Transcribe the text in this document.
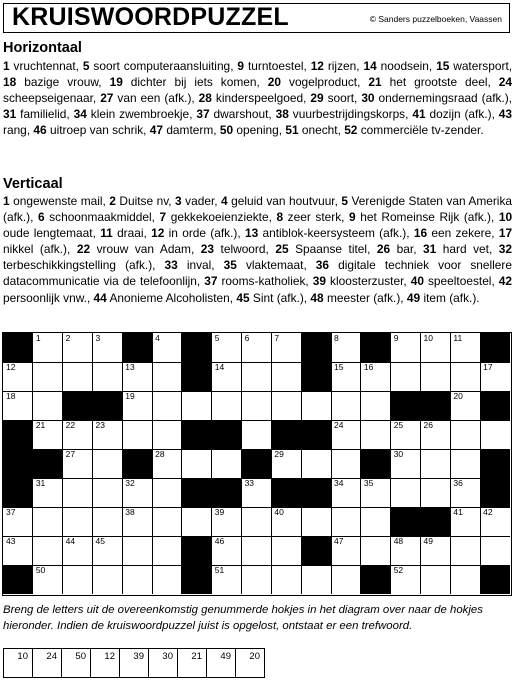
KRUISWOORDPUZZEL	© Sanders puzzelboeken, Vaassen
Horizontaal
1 vruchtennat, 5 soort computeraansluiting, 9 turntoestel, 12 rijzen, 14 noodsein, 15 watersport, 18 bazige vrouw, 19 dichter bij iets komen, 20 vogelproduct, 21 het grootste deel, 24 scheepseigenaar, 27 van een (afk.), 28 kinderspeelgoed, 29 soort, 30 ondernemingsraad (afk.), 31 familielid, 34 klein zwembroekje, 37 dwarshout, 38 vuurbestrijdingskorps, 41 dozijn (afk.), 43 rang, 46 uitroep van schrik, 47 damterm, 50 opening, 51 onecht, 52 commerciële tv-zender.
Verticaal
1 ongewenste mail, 2 Duitse nv, 3 vader, 4 geluid van houtvuur, 5 Verenigde Staten van Amerika (afk.), 6 schoonmaakmiddel, 7 gekkekoeienziekte, 8 zeer sterk, 9 het Romeinse Rijk (afk.), 10 oude lengtemaat, 11 draai, 12 in orde (afk.), 13 antiblok-keersysteem (afk.), 16 een zekere, 17 nikkel (afk.), 22 vrouw van Adam, 23 telwoord, 25 Spaanse titel, 26 bar, 31 hard vet, 32 terbeschikkingstelling (afk.), 33 inval, 35 vlaktemaat, 36 digitale techniek voor snellere datacommunicatie via de telefoonlijn, 37 rooms-katholiek, 39 kloosterzuster, 40 speeltoestel, 42 persoonlijk vnw., 44 Anonieme Alcoholisten, 45 Sint (afk.), 48 meester (afk.), 49 item (afk.).
1	2	3	4	5	6	7	8	9	10 11
12	13	14	15 16	17
18	19	20
21 22 23	24	25 26
27	28	29	30
31	32	33	34 35	36
37	38	39	40	41 42
43	44 45	46	47	48 49
50	51	52
Breng de letters uit de overeenkomstig genummerde hokjes in het diagram over naar de hokjes hieronder. Indien de kruiswoordpuzzel juist is opgelost, ontstaat er een trefwoord.
10 24 50 12 39 30 21 49 20
